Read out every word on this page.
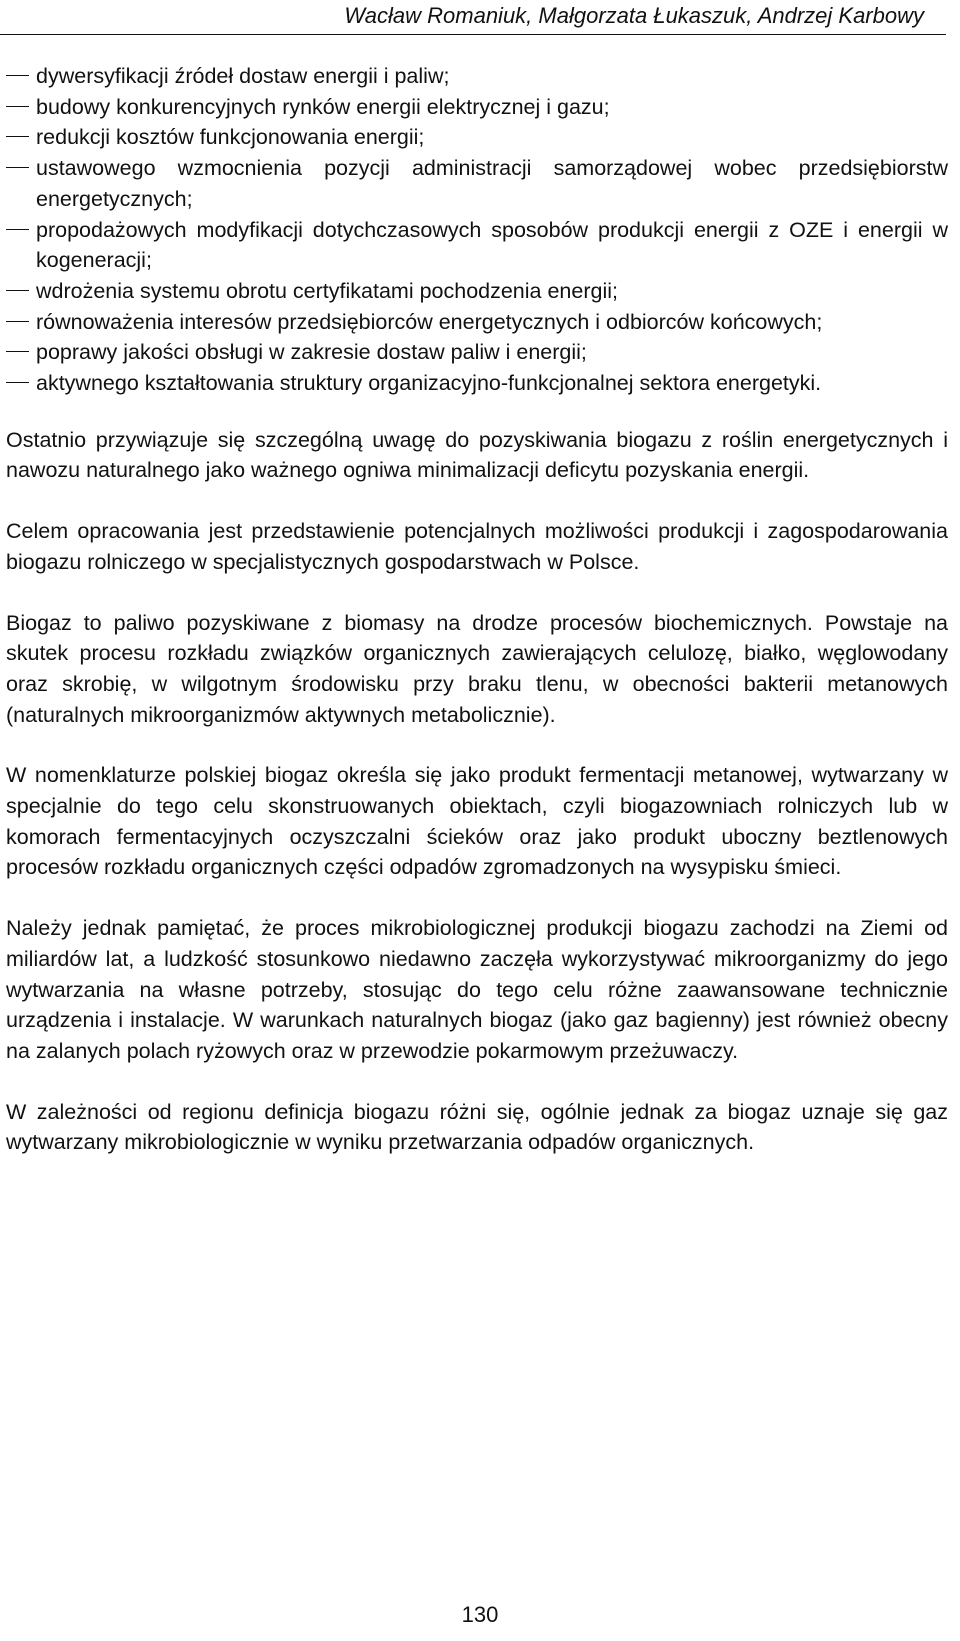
Wacław Romaniuk, Małgorzata Łukaszuk, Andrzej Karbowy
dywersyfikacji źródeł dostaw energii i paliw;
budowy konkurencyjnych rynków energii elektrycznej i gazu;
redukcji kosztów funkcjonowania energii;
ustawowego wzmocnienia pozycji administracji samorządowej wobec przedsiębiorstw energetycznych;
propodażowych modyfikacji dotychczasowych sposobów produkcji energii z OZE i energii w kogeneracji;
wdrożenia systemu obrotu certyfikatami pochodzenia energii;
równoważenia interesów przedsiębiorców energetycznych i odbiorców końcowych;
poprawy jakości obsługi w zakresie dostaw paliw i energii;
aktywnego kształtowania struktury organizacyjno-funkcjonalnej sektora energetyki.

Ostatnio przywiązuje się szczególną uwagę do pozyskiwania biogazu z roślin energetycznych i nawozu naturalnego jako ważnego ogniwa minimalizacji deficytu pozyskania energii.

Celem opracowania jest przedstawienie potencjalnych możliwości produkcji i zagospodarowania biogazu rolniczego w specjalistycznych gospodarstwach w Polsce.

Biogaz to paliwo pozyskiwane z biomasy na drodze procesów biochemicznych. Powstaje na skutek procesu rozkładu związków organicznych zawierających celulozę, białko, węglowodany oraz skrobię, w wilgotnym środowisku przy braku tlenu, w obecności bakterii metanowych (naturalnych mikroorganizmów aktywnych metabolicznie).

W nomenklaturze polskiej biogaz określa się jako produkt fermentacji metanowej, wytwarzany w specjalnie do tego celu skonstruowanych obiektach, czyli biogazowniach rolniczych lub w komorach fermentacyjnych oczyszczalni ścieków oraz jako produkt uboczny beztlenowych procesów rozkładu organicznych części odpadów zgromadzonych na wysypisku śmieci.

Należy jednak pamiętać, że proces mikrobiologicznej produkcji biogazu zachodzi na Ziemi od miliardów lat, a ludzkość stosunkowo niedawno zaczęła wykorzystywać mikroorganizmy do jego wytwarzania na własne potrzeby, stosując do tego celu różne zaawansowane technicznie urządzenia i instalacje. W warunkach naturalnych biogaz (jako gaz bagienny) jest również obecny na zalanych polach ryżowych oraz w przewodzie pokarmowym przeżuwaczy.

W zależności od regionu definicja biogazu różni się, ogólnie jednak za biogaz uznaje się gaz wytwarzany mikrobiologicznie w wyniku przetwarzania odpadów organicznych.

130
